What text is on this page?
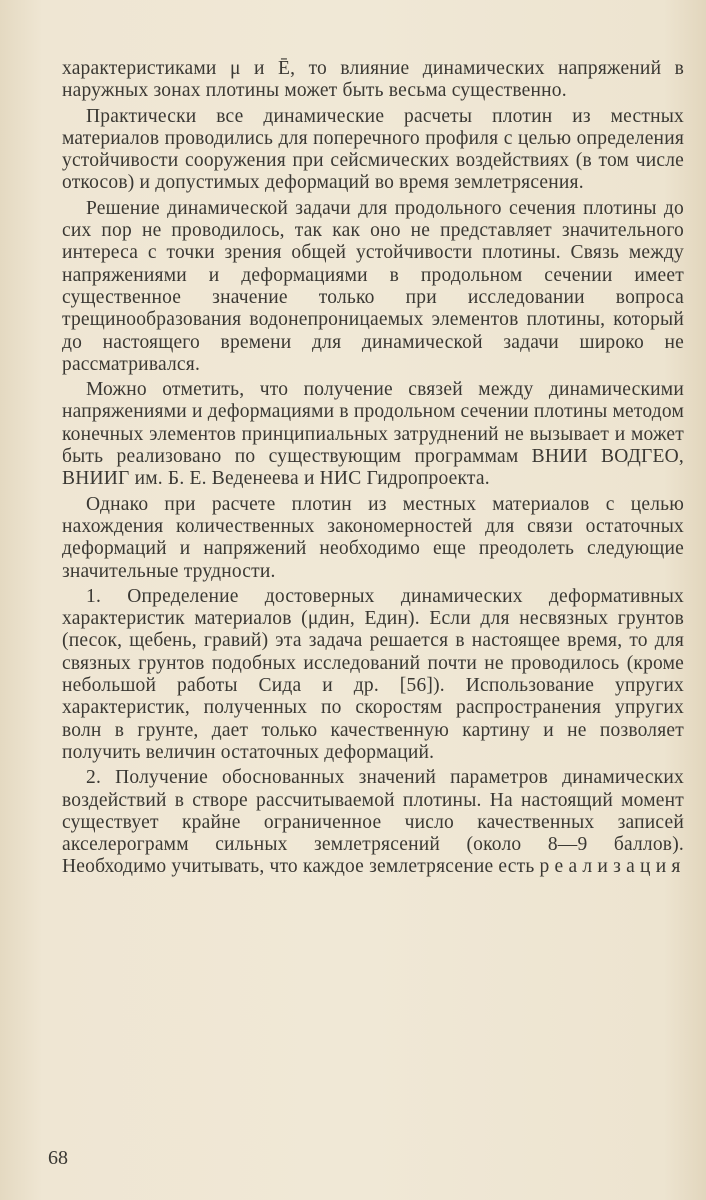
характеристиками μ и Ē, то влияние динамических напряжений в наружных зонах плотины может быть весьма существенно.

Практически все динамические расчеты плотин из местных материалов проводились для поперечного профиля с целью определения устойчивости сооружения при сейсмических воздействиях (в том числе откосов) и допустимых деформаций во время землетрясения.

Решение динамической задачи для продольного сечения плотины до сих пор не проводилось, так как оно не представляет значительного интереса с точки зрения общей устойчивости плотины. Связь между напряжениями и деформациями в продольном сечении имеет существенное значение только при исследовании вопроса трещинообразования водонепроницаемых элементов плотины, который до настоящего времени для динамической задачи широко не рассматривался.

Можно отметить, что получение связей между динамическими напряжениями и деформациями в продольном сечении плотины методом конечных элементов принципиальных затруднений не вызывает и может быть реализовано по существующим программам ВНИИ ВОДГЕО, ВНИИГ им. Б. Е. Веденеева и НИС Гидропроекта.

Однако при расчете плотин из местных материалов с целью нахождения количественных закономерностей для связи остаточных деформаций и напряжений необходимо еще преодолеть следующие значительные трудности.

1. Определение достоверных динамических деформативных характеристик материалов (μдин, Eдин). Если для несвязных грунтов (песок, щебень, гравий) эта задача решается в настоящее время, то для связных грунтов подобных исследований почти не проводилось (кроме небольшой работы Сида и др. [56]). Использование упругих характеристик, полученных по скоростям распространения упругих волн в грунте, дает только качественную картину и не позволяет получить величин остаточных деформаций.

2. Получение обоснованных значений параметров динамических воздействий в створе рассчитываемой плотины. На настоящий момент существует крайне ограниченное число качественных записей акселерограмм сильных землетрясений (около 8—9 баллов). Необходимо учитывать, что каждое землетрясение есть р е а л и з а ц и я

68
